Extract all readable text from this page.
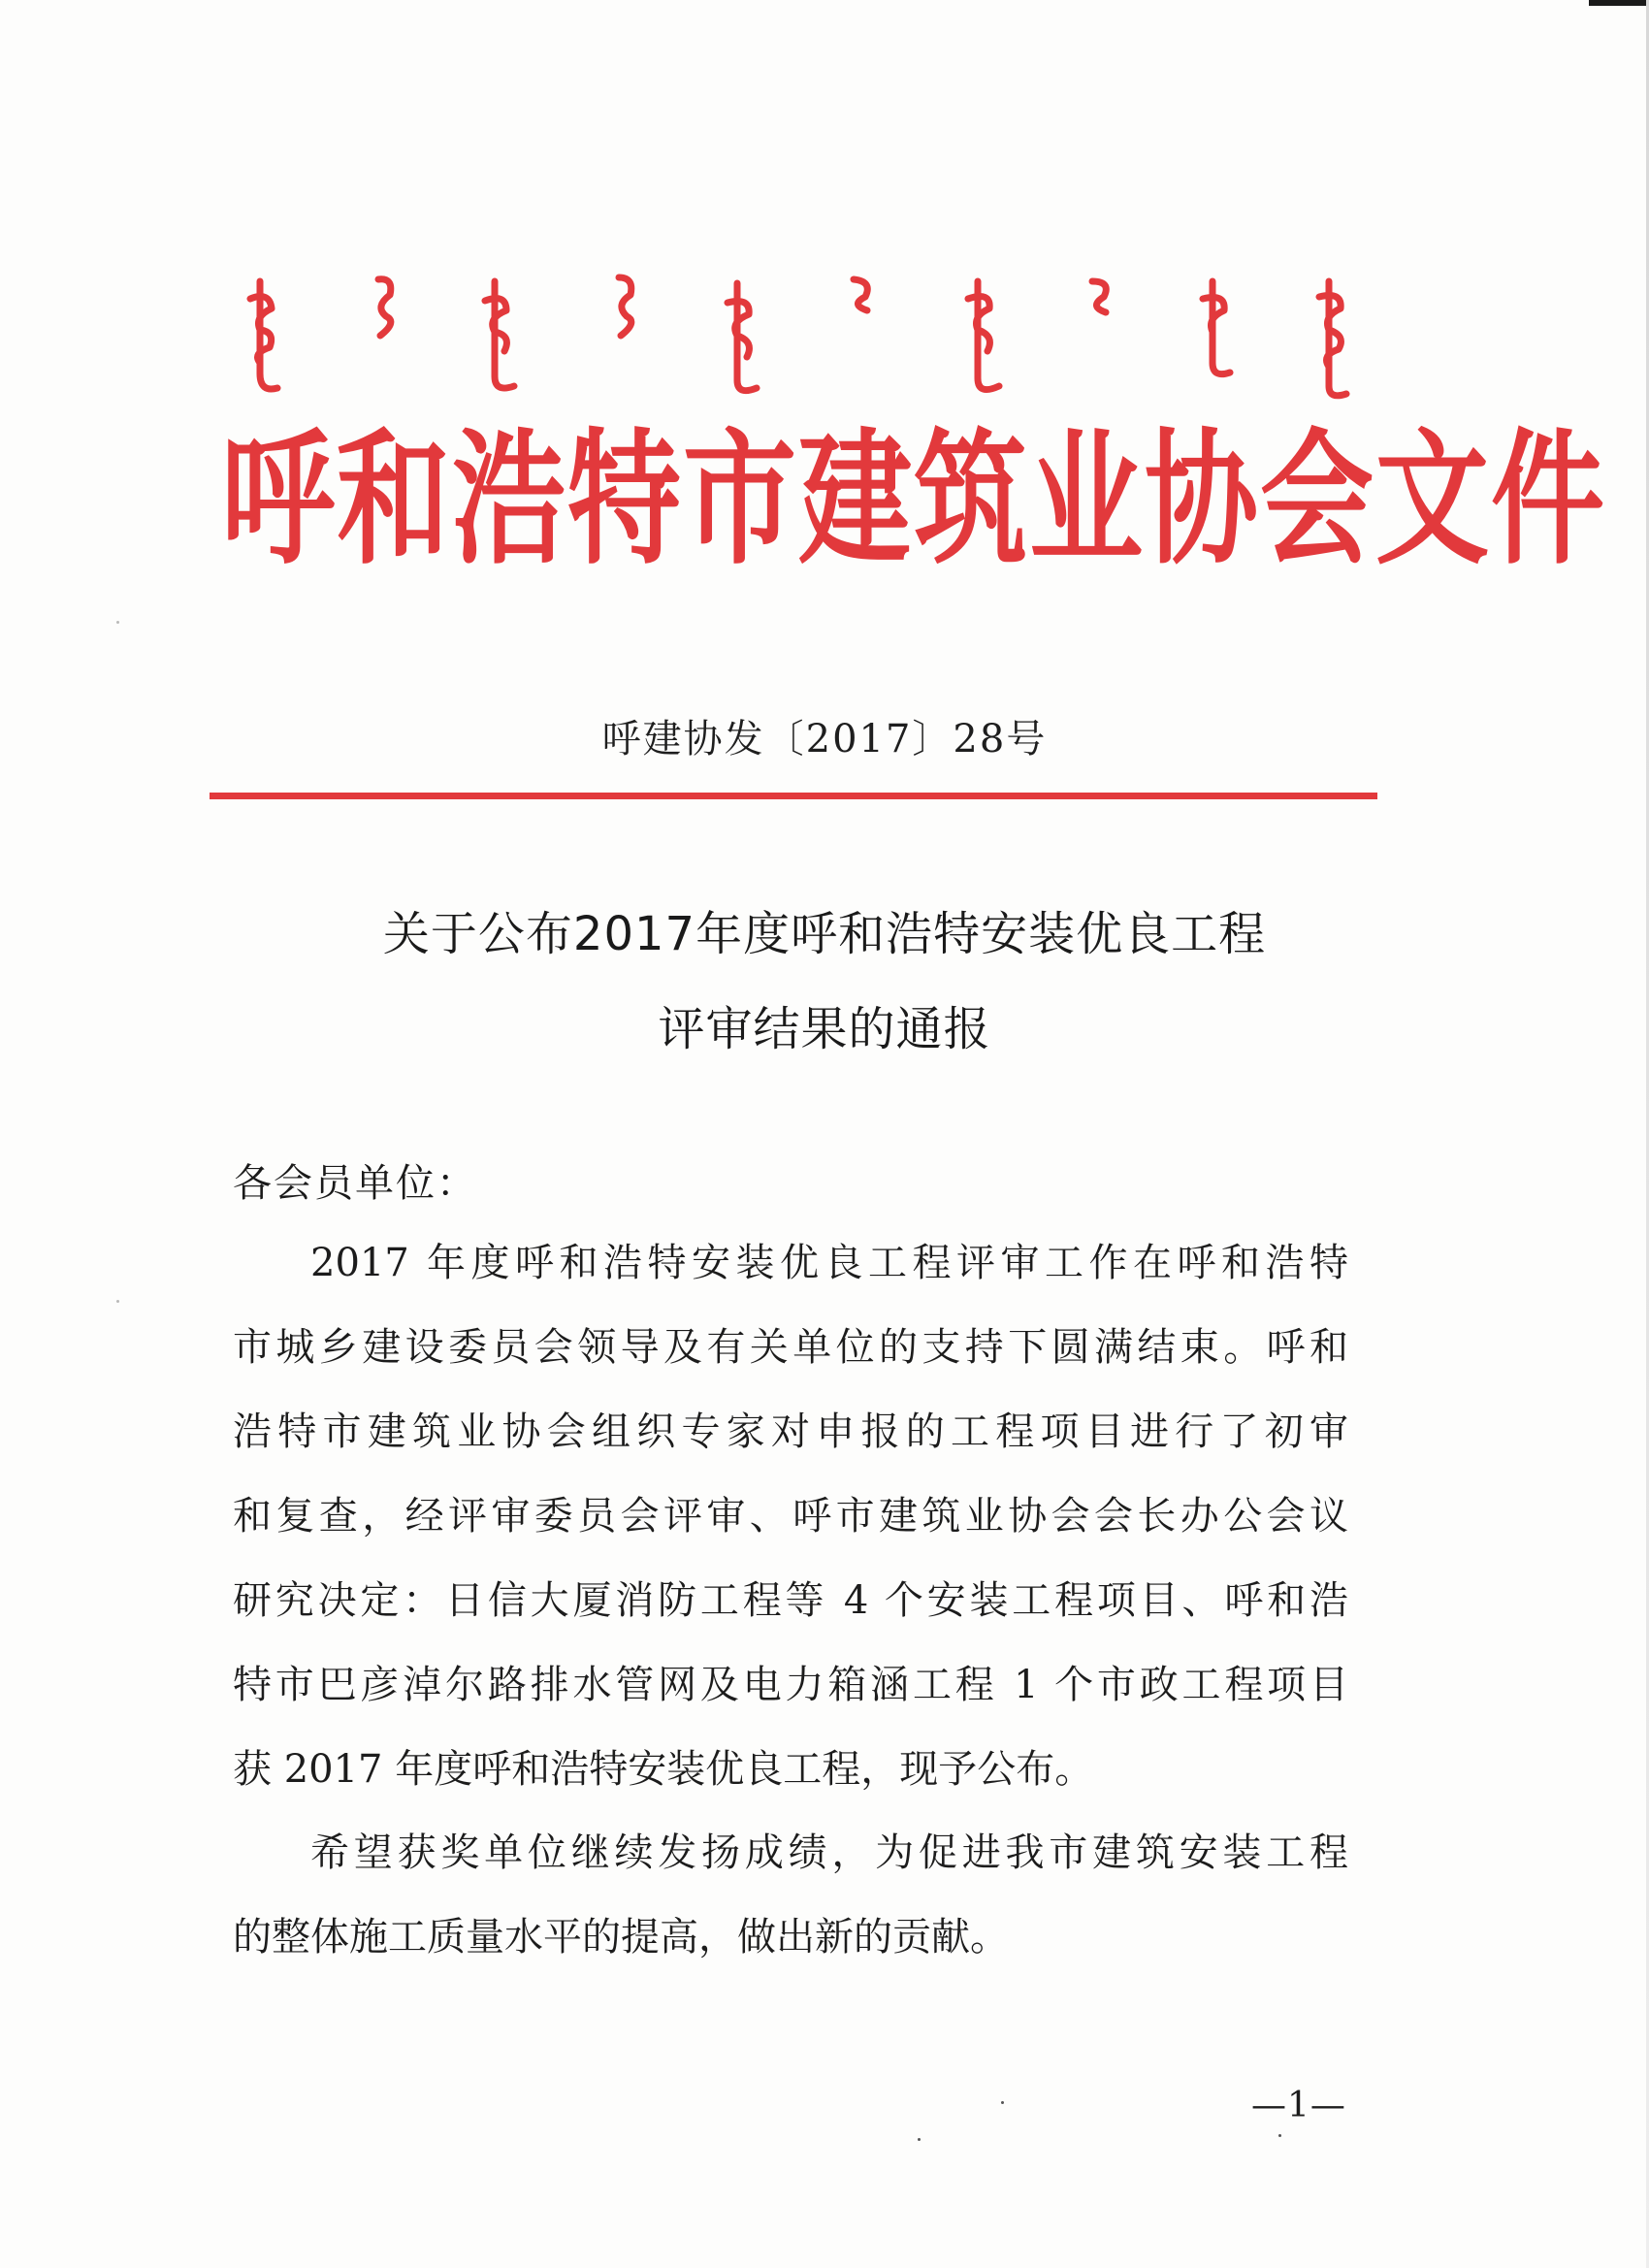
呼和浩特市建筑业协会文件
呼建协发〔2017〕28号
关于公布2017年度呼和浩特安装优良工程
评审结果的通报
各会员单位：
2017 年度呼和浩特安装优良工程评审工作在呼和浩特
市城乡建设委员会领导及有关单位的支持下圆满结束。呼和
浩特市建筑业协会组织专家对申报的工程项目进行了初审
和复查，经评审委员会评审、呼市建筑业协会会长办公会议
研究决定：日信大厦消防工程等 4 个安装工程项目、呼和浩
特市巴彦淖尔路排水管网及电力箱涵工程 1 个市政工程项目
获 2017 年度呼和浩特安装优良工程，现予公布。
希望获奖单位继续发扬成绩，为促进我市建筑安装工程
的整体施工质量水平的提高，做出新的贡献。
—1—
